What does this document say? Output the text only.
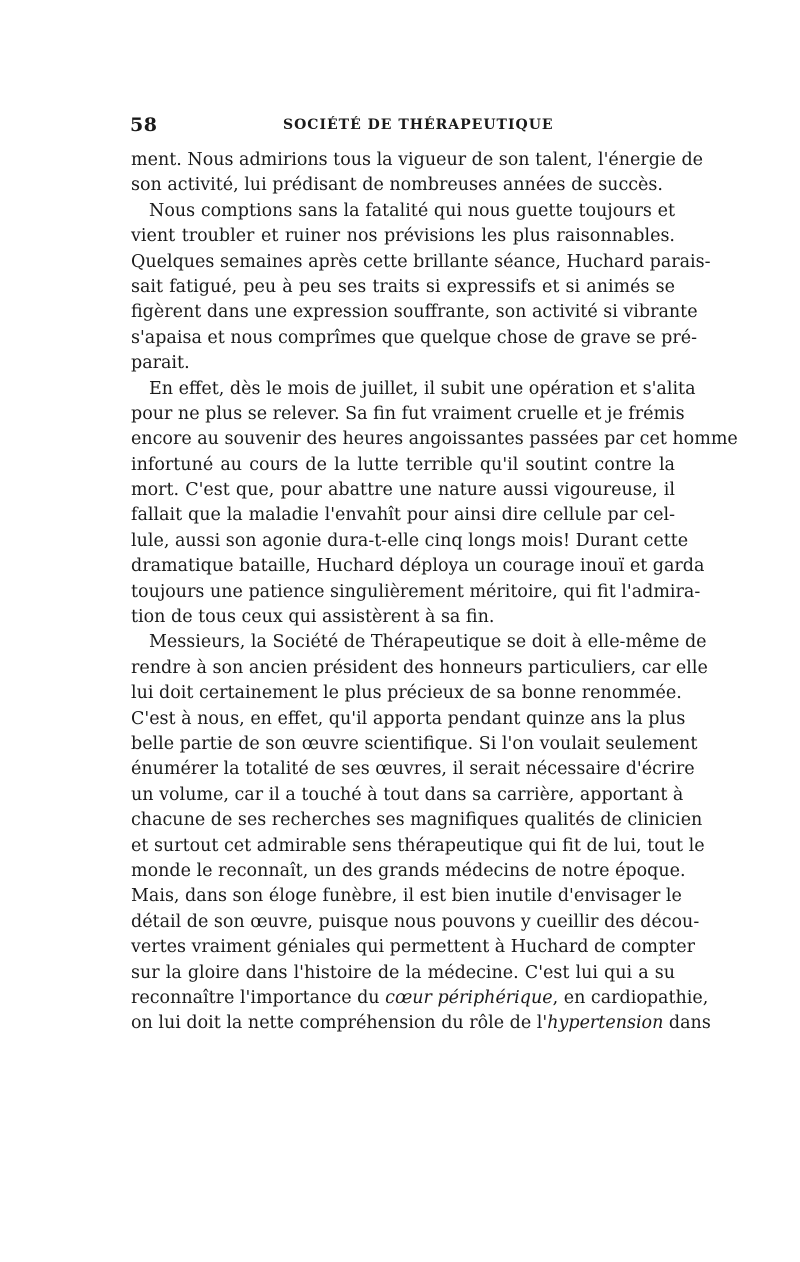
58	SOCIÉTÉ DE THÉRAPEUTIQUE
ment. Nous admirions tous la vigueur de son talent, l'énergie de
son activité, lui prédisant de nombreuses années de succès.
Nous comptions sans la fatalité qui nous guette toujours et
vient troubler et ruiner nos prévisions les plus raisonnables.
Quelques semaines après cette brillante séance, Huchard parais-
sait fatigué, peu à peu ses traits si expressifs et si animés se
figèrent dans une expression souffrante, son activité si vibrante
s'apaisa et nous comprîmes que quelque chose de grave se pré-
parait.
En effet, dès le mois de juillet, il subit une opération et s'alita
pour ne plus se relever. Sa fin fut vraiment cruelle et je frémis
encore au souvenir des heures angoissantes passées par cet homme
infortuné au cours de la lutte terrible qu'il soutint contre la
mort. C'est que, pour abattre une nature aussi vigoureuse, il
fallait que la maladie l'envahît pour ainsi dire cellule par cel-
lule, aussi son agonie dura-t-elle cinq longs mois! Durant cette
dramatique bataille, Huchard déploya un courage inouï et garda
toujours une patience singulièrement méritoire, qui fit l'admira-
tion de tous ceux qui assistèrent à sa fin.
Messieurs, la Société de Thérapeutique se doit à elle-même de
rendre à son ancien président des honneurs particuliers, car elle
lui doit certainement le plus précieux de sa bonne renommée.
C'est à nous, en effet, qu'il apporta pendant quinze ans la plus
belle partie de son œuvre scientifique. Si l'on voulait seulement
énumérer la totalité de ses œuvres, il serait nécessaire d'écrire
un volume, car il a touché à tout dans sa carrière, apportant à
chacune de ses recherches ses magnifiques qualités de clinicien
et surtout cet admirable sens thérapeutique qui fit de lui, tout le
monde le reconnaît, un des grands médecins de notre époque.
Mais, dans son éloge funèbre, il est bien inutile d'envisager le
détail de son œuvre, puisque nous pouvons y cueillir des décou-
vertes vraiment géniales qui permettent à Huchard de compter
sur la gloire dans l'histoire de la médecine. C'est lui qui a su
reconnaître l'importance du cœur périphérique, en cardiopathie,
on lui doit la nette compréhension du rôle de l'hypertension dans
